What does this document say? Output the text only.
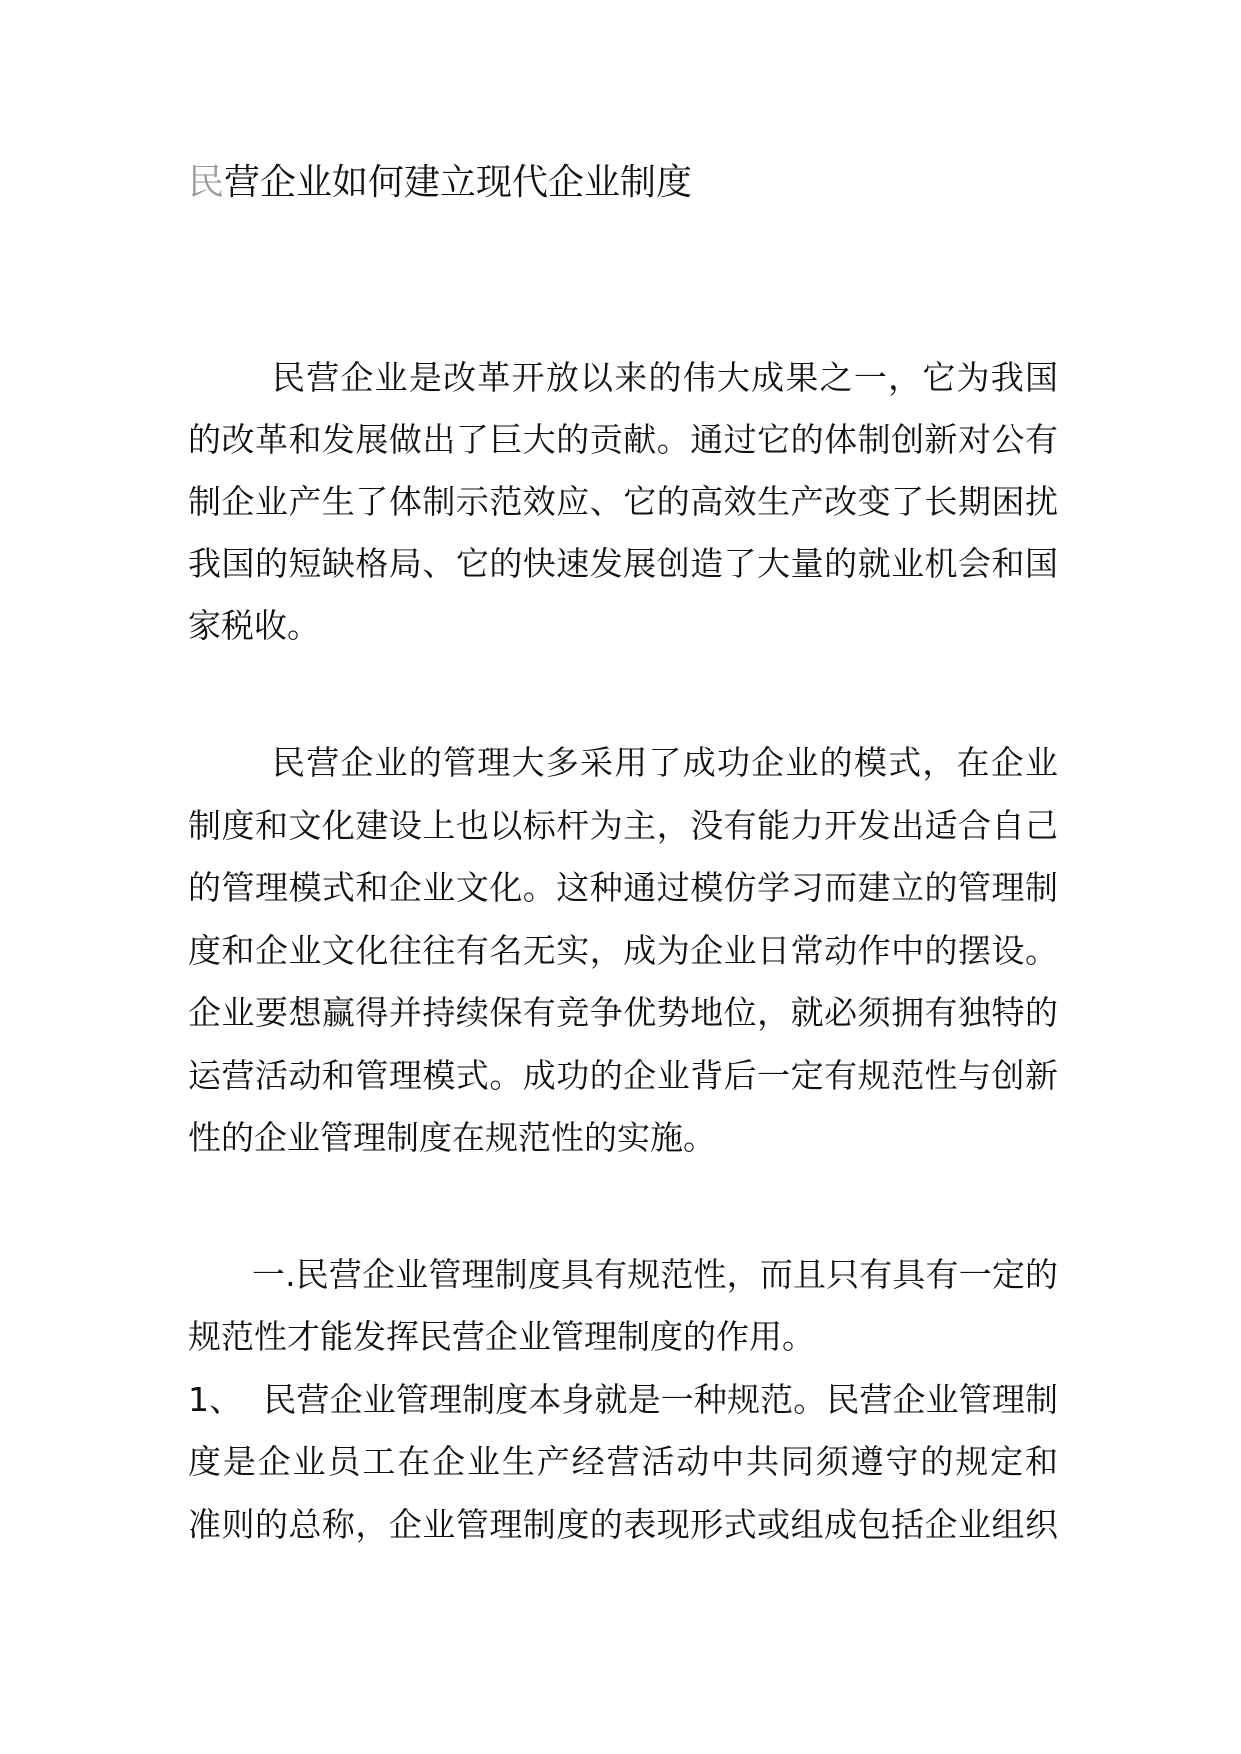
民营企业如何建立现代企业制度
民营企业是改革开放以来的伟大成果之一，它为我国
的改革和发展做出了巨大的贡献。通过它的体制创新对公有
制企业产生了体制示范效应、它的高效生产改变了长期困扰
我国的短缺格局、它的快速发展创造了大量的就业机会和国
家税收。
民营企业的管理大多采用了成功企业的模式，在企业
制度和文化建设上也以标杆为主，没有能力开发出适合自己
的管理模式和企业文化。这种通过模仿学习而建立的管理制
度和企业文化往往有名无实，成为企业日常动作中的摆设。
企业要想赢得并持续保有竞争优势地位，就必须拥有独特的
运营活动和管理模式。成功的企业背后一定有规范性与创新
性的企业管理制度在规范性的实施。
一.民营企业管理制度具有规范性，而且只有具有一定的
规范性才能发挥民营企业管理制度的作用。
1、  民营企业管理制度本身就是一种规范。民营企业管理制
度是企业员工在企业生产经营活动中共同须遵守的规定和
准则的总称，企业管理制度的表现形式或组成包括企业组织
